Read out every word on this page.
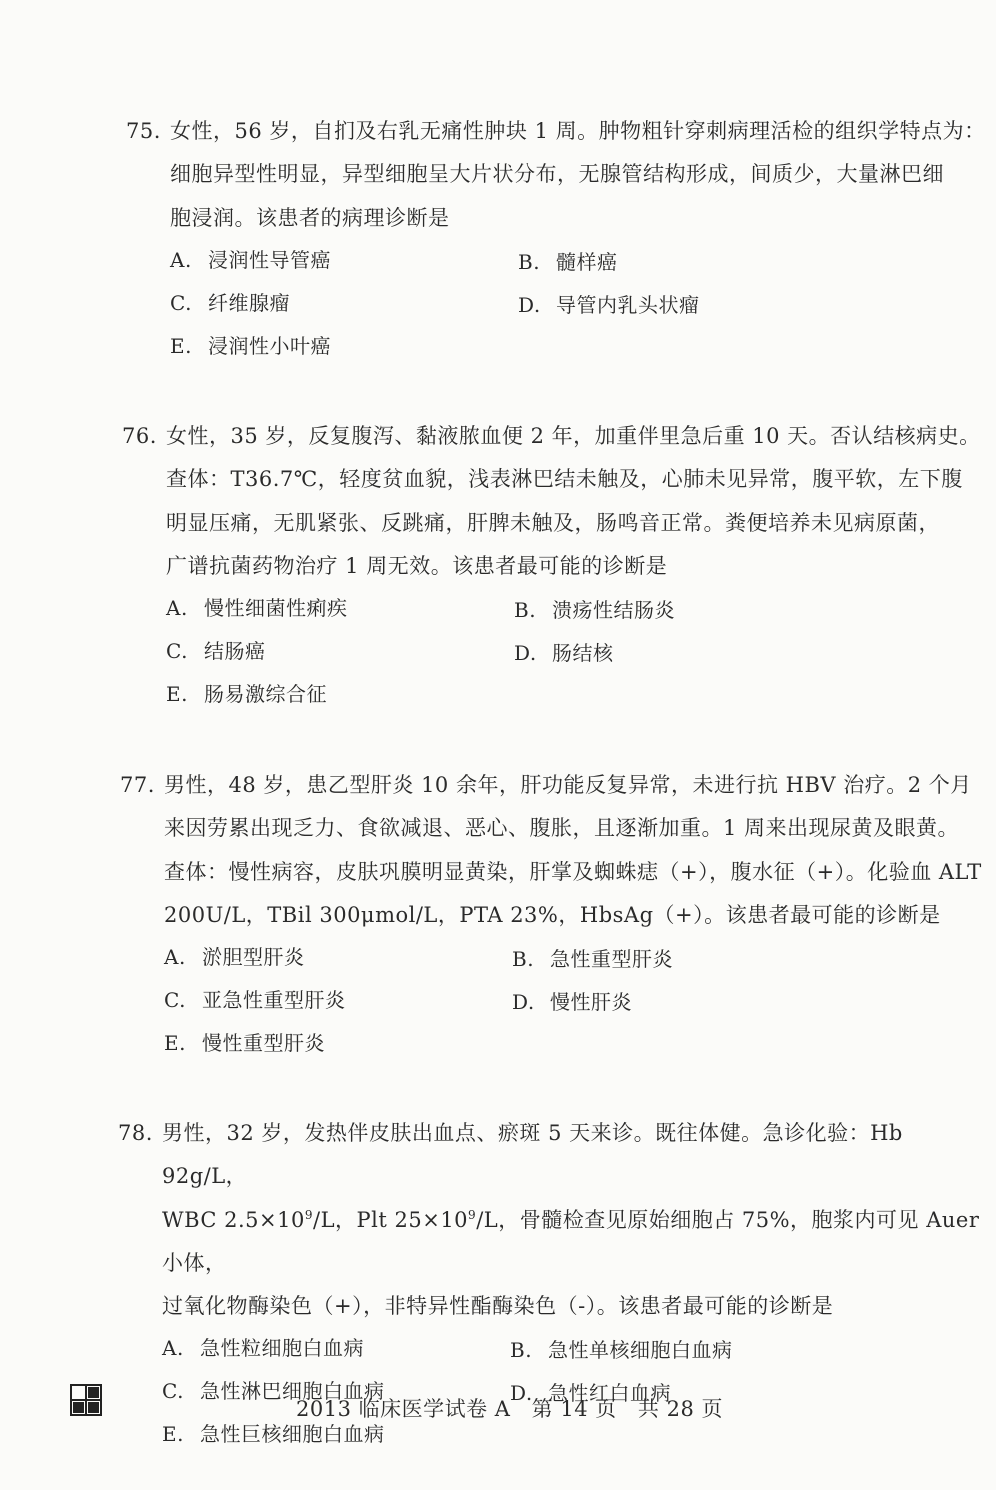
75. 女性，56 岁，自扪及右乳无痛性肿块 1 周。肿物粗针穿刺病理活检的组织学特点为：
细胞异型性明显，异型细胞呈大片状分布，无腺管结构形成，间质少，大量淋巴细
胞浸润。该患者的病理诊断是

A. 浸润性导管癌	B. 髓样癌
C. 纤维腺瘤	D. 导管内乳头状瘤
E. 浸润性小叶癌

76. 女性，35 岁，反复腹泻、黏液脓血便 2 年，加重伴里急后重 10 天。否认结核病史。
查体：T36.7℃，轻度贫血貌，浅表淋巴结未触及，心肺未见异常，腹平软，左下腹
明显压痛，无肌紧张、反跳痛，肝脾未触及，肠鸣音正常。粪便培养未见病原菌，
广谱抗菌药物治疗 1 周无效。该患者最可能的诊断是

A. 慢性细菌性痢疾	B. 溃疡性结肠炎
C. 结肠癌	D. 肠结核
E. 肠易激综合征

77. 男性，48 岁，患乙型肝炎 10 余年，肝功能反复异常，未进行抗 HBV 治疗。2 个月
来因劳累出现乏力、食欲减退、恶心、腹胀，且逐渐加重。1 周来出现尿黄及眼黄。
查体：慢性病容，皮肤巩膜明显黄染，肝掌及蜘蛛痣（+），腹水征（+）。化验血 ALT
200U/L，TBil 300μmol/L，PTA 23%，HbsAg（+）。该患者最可能的诊断是

A. 淤胆型肝炎	B. 急性重型肝炎
C. 亚急性重型肝炎	D. 慢性肝炎
E. 慢性重型肝炎

78. 男性，32 岁，发热伴皮肤出血点、瘀斑 5 天来诊。既往体健。急诊化验：Hb 92g/L，
WBC $2.5\times 10^9/L$，Plt $25\times 10^9/L$，骨髓检查见原始细胞占 75%，胞浆内可见 Auer 小体，
过氧化物酶染色（+），非特异性酯酶染色（-）。该患者最可能的诊断是

A. 急性粒细胞白血病	B. 急性单核细胞白血病
C. 急性淋巴细胞白血病	D. 急性红白血病
E. 急性巨核细胞白血病
2013 临床医学试卷 A 第 14 页 共 28 页
